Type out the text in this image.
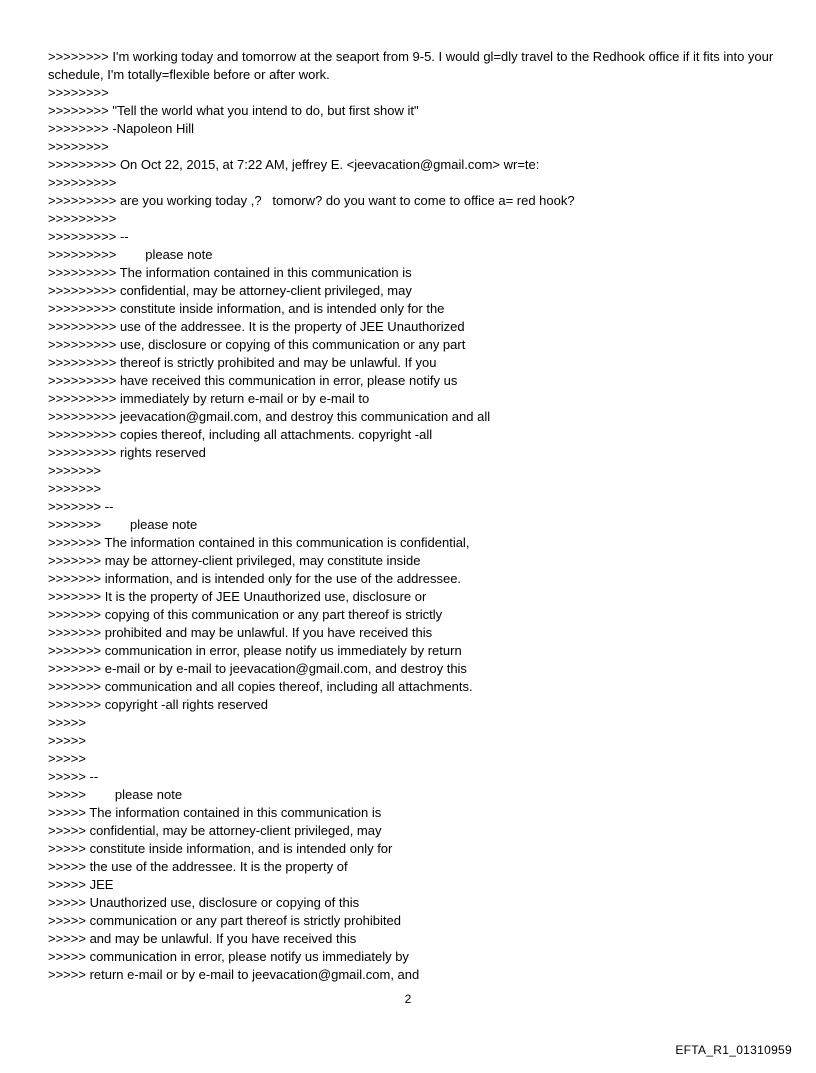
>>>>>>>> I'm working today and tomorrow at the seaport from 9-5. I would gl=dly travel to the Redhook office if it fits into your schedule, I'm totally=flexible before or after work.
>>>>>>>>
>>>>>>>> "Tell the world what you intend to do, but first show it"
>>>>>>>> -Napoleon Hill
>>>>>>>>
>>>>>>>>> On Oct 22, 2015, at 7:22 AM, jeffrey E. <jeevacation@gmail.com> wr=te:
>>>>>>>>>
>>>>>>>>> are you working today ,?   tomorw? do you want to come to office a= red hook?
>>>>>>>>>
>>>>>>>>> --
>>>>>>>>>        please note
>>>>>>>>> The information contained in this communication is
>>>>>>>>> confidential, may be attorney-client privileged, may
>>>>>>>>> constitute inside information, and is intended only for the
>>>>>>>>> use of the addressee. It is the property of JEE Unauthorized
>>>>>>>>> use, disclosure or copying of this communication or any part
>>>>>>>>> thereof is strictly prohibited and may be unlawful. If you
>>>>>>>>> have received this communication in error, please notify us
>>>>>>>>> immediately by return e-mail or by e-mail to
>>>>>>>>> jeevacation@gmail.com, and destroy this communication and all
>>>>>>>>> copies thereof, including all attachments. copyright -all
>>>>>>>>> rights reserved
>>>>>>>
>>>>>>>
>>>>>>> --
>>>>>>>        please note
>>>>>>> The information contained in this communication is confidential,
>>>>>>> may be attorney-client privileged, may constitute inside
>>>>>>> information, and is intended only for the use of the addressee.
>>>>>>> It is the property of JEE Unauthorized use, disclosure or
>>>>>>> copying of this communication or any part thereof is strictly
>>>>>>> prohibited and may be unlawful. If you have received this
>>>>>>> communication in error, please notify us immediately by return
>>>>>>> e-mail or by e-mail to jeevacation@gmail.com, and destroy this
>>>>>>> communication and all copies thereof, including all attachments.
>>>>>>> copyright -all rights reserved
>>>>>
>>>>>
>>>>>
>>>>> --
>>>>>        please note
>>>>> The information contained in this communication is
>>>>> confidential, may be attorney-client privileged, may
>>>>> constitute inside information, and is intended only for
>>>>> the use of the addressee. It is the property of
>>>>> JEE
>>>>> Unauthorized use, disclosure or copying of this
>>>>> communication or any part thereof is strictly prohibited
>>>>> and may be unlawful. If you have received this
>>>>> communication in error, please notify us immediately by
>>>>> return e-mail or by e-mail to jeevacation@gmail.com, and
2
EFTA_R1_01310959
